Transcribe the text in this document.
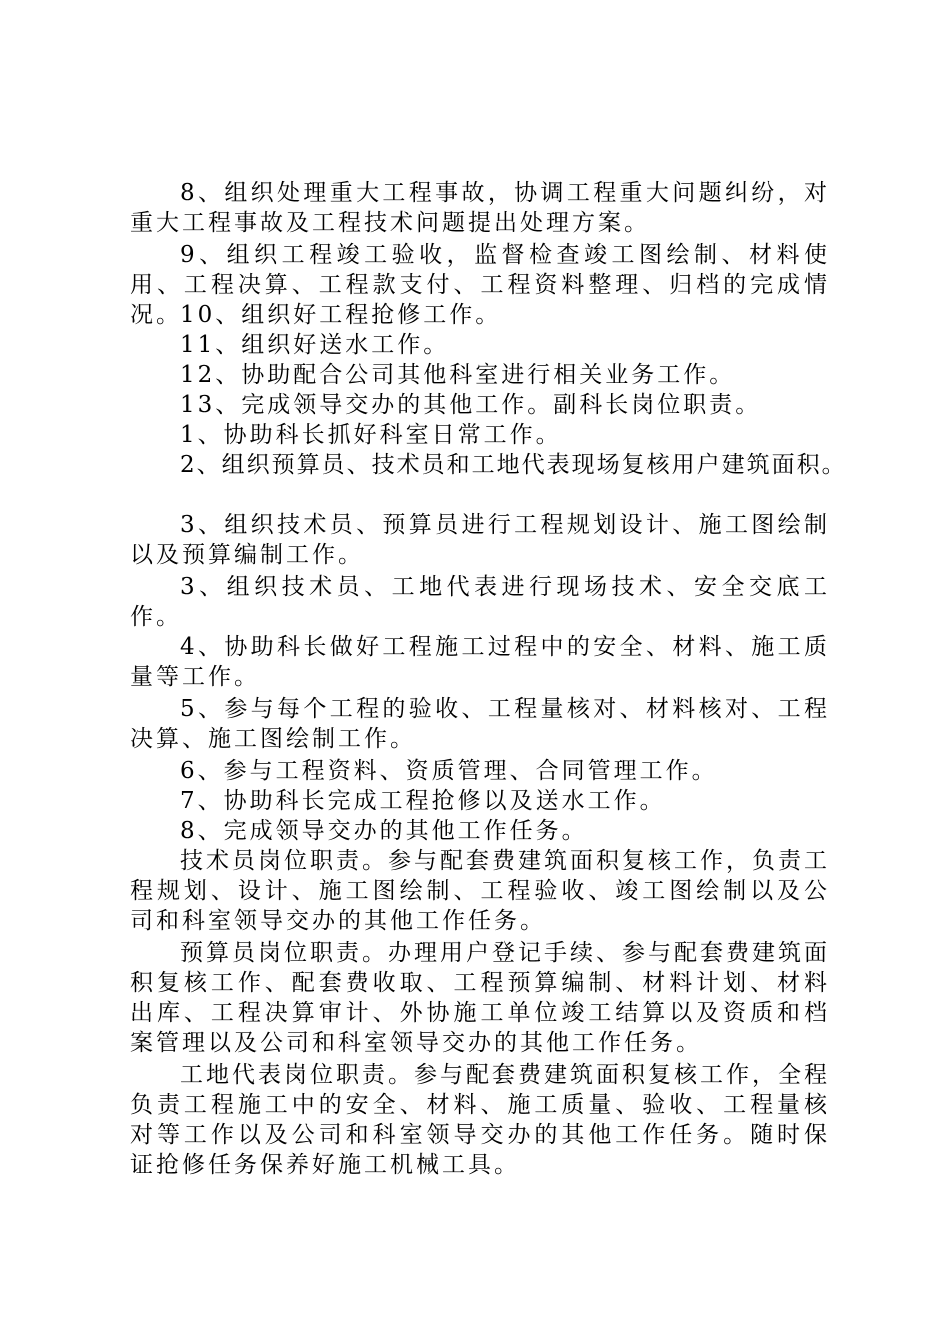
8、组织处理重大工程事故，协调工程重大问题纠纷，对重大工程事故及工程技术问题提出处理方案。

9、组织工程竣工验收，监督检查竣工图绘制、材料使用、工程决算、工程款支付、工程资料整理、归档的完成情况。

10、组织好工程抢修工作。

11、组织好送水工作。

12、协助配合公司其他科室进行相关业务工作。

13、完成领导交办的其他工作。副科长岗位职责。

1、协助科长抓好科室日常工作。

2、组织预算员、技术员和工地代表现场复核用户建筑面积。

3、组织技术员、预算员进行工程规划设计、施工图绘制以及预算编制工作。

3、组织技术员、工地代表进行现场技术、安全交底工作。

4、协助科长做好工程施工过程中的安全、材料、施工质量等工作。

5、参与每个工程的验收、工程量核对、材料核对、工程决算、施工图绘制工作。

6、参与工程资料、资质管理、合同管理工作。

7、协助科长完成工程抢修以及送水工作。

8、完成领导交办的其他工作任务。

技术员岗位职责。参与配套费建筑面积复核工作，负责工程规划、设计、施工图绘制、工程验收、竣工图绘制以及公司和科室领导交办的其他工作任务。

预算员岗位职责。办理用户登记手续、参与配套费建筑面积复核工作、配套费收取、工程预算编制、材料计划、材料出库、工程决算审计、外协施工单位竣工结算以及资质和档案管理以及公司和科室领导交办的其他工作任务。

工地代表岗位职责。参与配套费建筑面积复核工作，全程负责工程施工中的安全、材料、施工质量、验收、工程量核对等工作以及公司和科室领导交办的其他工作任务。随时保证抢修任务保养好施工机械工具。
